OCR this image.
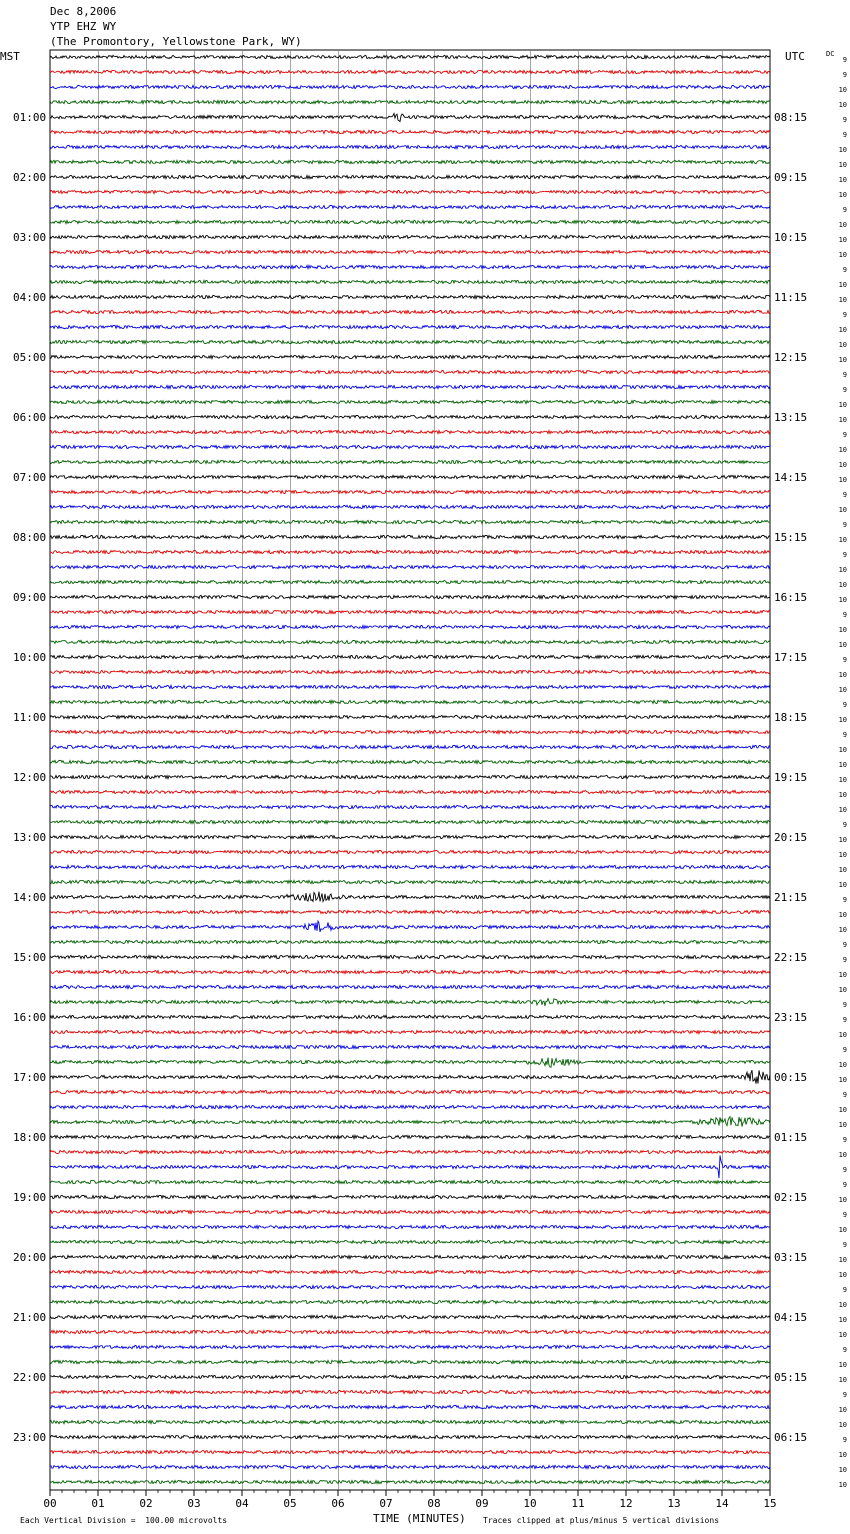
Dec 8,2006
YTP EHZ WY
(The Promontory, Yellowstone Park, WY)
MST	UTC	DC
01:00	08:15
02:00	09:15
03:00	10:15
04:00	11:15
05:00	12:15
06:00	13:15
07:00	14:15
08:00	15:15
09:00	16:15
10:00	17:15
11:00	18:15
12:00	19:15
13:00	20:15
14:00	21:15
15:00	22:15
16:00	23:15
17:00	00:15
18:00	01:15
19:00	02:15
20:00	03:15
21:00	04:15
22:00	05:15
23:00	06:15
9
9
10
10
9
9
10
10
10
10
9
10
10
10
9
10
10
9
10
10
10
9
9
10
10
9
10
10
10
9
10
9
10
9
10
10
10
9
10
10
9
10
10
9
10
9
10
10
10
10
10
9
10
10
10
10
9
10
10
9
9
10
10
9
9
10
9
10
10
9
10
10
9
10
9
9
10
9
10
9
10
10
9
10
10
10
9
10
10
9
10
10
9
10
10
10
00	01	02	03	04	05	06	07	08	09	10	11	12	13	14	15
Each Vertical Division =  100.00 microvolts	TIME (MINUTES) Traces clipped at plus/minus 5 vertical divisions
